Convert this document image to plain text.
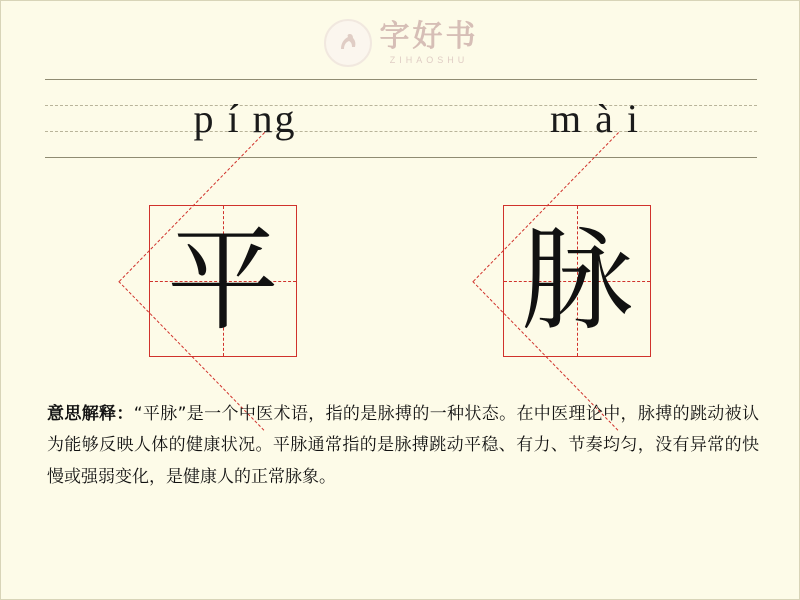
字好书
ZIHAOSHU
p í ng	m à i
平 脉
意思解释：“平脉”是一个中医术语，指的是脉搏的一种状态。在中医理论中，脉搏的跳动被认为能够反映人体的健康状况。平脉通常指的是脉搏跳动平稳、有力、节奏均匀，没有异常的快慢或强弱变化，是健康人的正常脉象。
